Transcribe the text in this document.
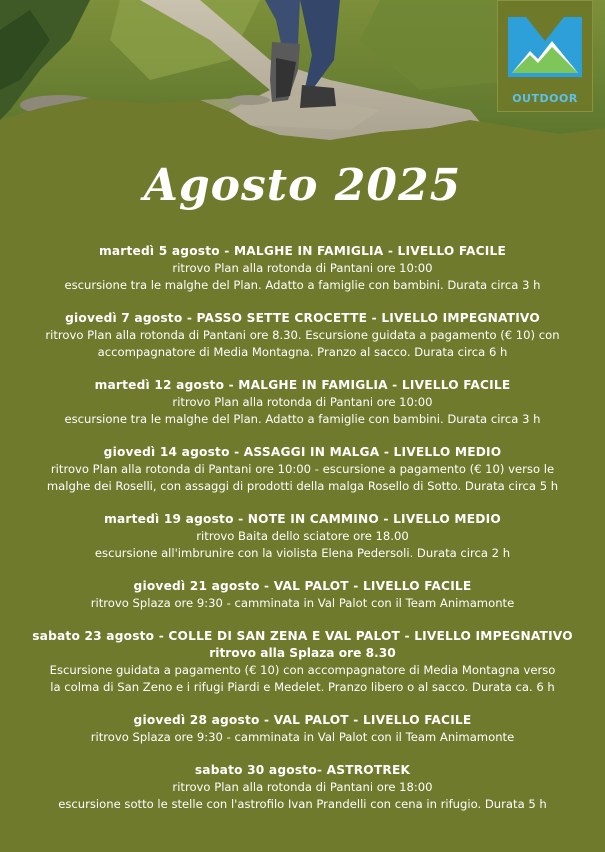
OUTDOOR
Agosto 2025
martedì 5 agosto - MALGHE IN FAMIGLIA - LIVELLO FACILE
ritrovo Plan alla rotonda di Pantani ore 10:00
escursione tra le malghe del Plan. Adatto a famiglie con bambini. Durata circa 3 h
giovedì 7 agosto - PASSO SETTE CROCETTE - LIVELLO IMPEGNATIVO
ritrovo Plan alla rotonda di Pantani ore 8.30. Escursione guidata a pagamento (€ 10) con
accompagnatore di Media Montagna. Pranzo al sacco. Durata circa 6 h
martedì 12 agosto - MALGHE IN FAMIGLIA - LIVELLO FACILE
ritrovo Plan alla rotonda di Pantani ore 10:00
escursione tra le malghe del Plan. Adatto a famiglie con bambini. Durata circa 3 h
giovedì 14 agosto - ASSAGGI IN MALGA - LIVELLO MEDIO
ritrovo Plan alla rotonda di Pantani ore 10:00 - escursione a pagamento (€ 10) verso le
malghe dei Roselli, con assaggi di prodotti della malga Rosello di Sotto. Durata circa 5 h
martedì 19 agosto - NOTE IN CAMMINO - LIVELLO MEDIO
ritrovo Baita dello sciatore ore 18.00
escursione all'imbrunire con la violista Elena Pedersoli. Durata circa 2 h
giovedì 21 agosto - VAL PALOT - LIVELLO FACILE
ritrovo Splaza ore 9:30 - camminata in Val Palot con il Team Animamonte
sabato 23 agosto - COLLE DI SAN ZENA E VAL PALOT - LIVELLO IMPEGNATIVO
ritrovo alla Splaza ore 8.30
Escursione guidata a pagamento (€ 10) con accompagnatore di Media Montagna verso
la colma di San Zeno e i rifugi Piardi e Medelet. Pranzo libero o al sacco. Durata ca. 6 h
giovedì 28 agosto - VAL PALOT - LIVELLO FACILE
ritrovo Splaza ore 9:30 - camminata in Val Palot con il Team Animamonte
sabato 30 agosto- ASTROTREK
ritrovo Plan alla rotonda di Pantani ore 18:00
escursione sotto le stelle con l'astrofilo Ivan Prandelli con cena in rifugio. Durata 5 h
